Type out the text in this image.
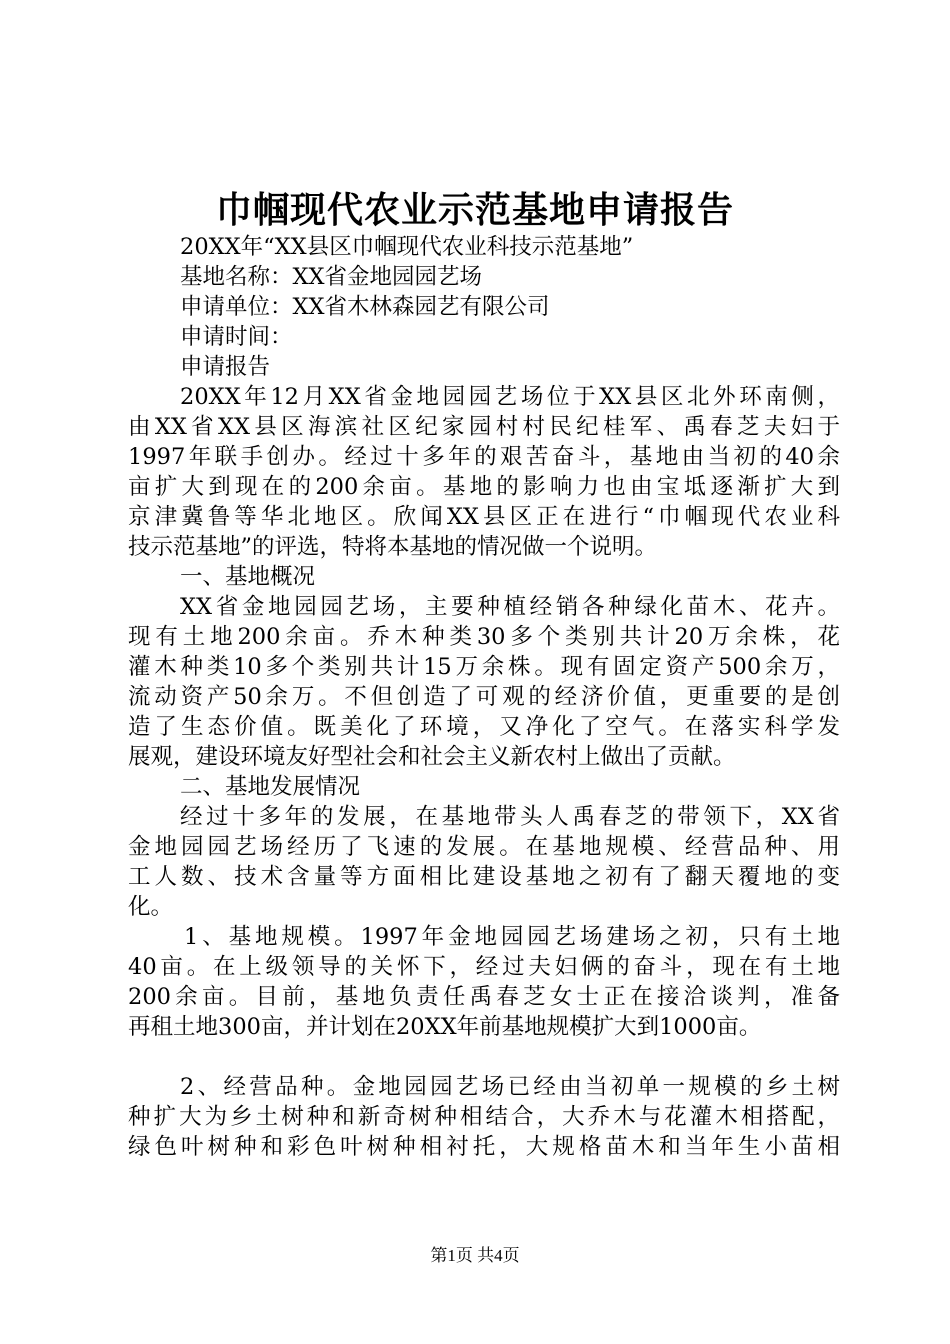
巾帼现代农业示范基地申请报告
20XX年“XX县区巾帼现代农业科技示范基地”
基地名称：XX省金地园园艺场
申请单位：XX省木林森园艺有限公司
申请时间：
申请报告
20XX年12月XX省金地园园艺场位于XX县区北外环南侧，
由XX省XX县区海滨社区纪家园村村民纪桂军、禹春芝夫妇于
1997年联手创办。经过十多年的艰苦奋斗，基地由当初的40余
亩扩大到现在的200余亩。基地的影响力也由宝坻逐渐扩大到
京津冀鲁等华北地区。欣闻XX县区正在进行“巾帼现代农业科
技示范基地”的评选，特将本基地的情况做一个说明。
一、基地概况
XX省金地园园艺场，主要种植经销各种绿化苗木、花卉。
现有土地200余亩。乔木种类30多个类别共计20万余株，花
灌木种类10多个类别共计15万余株。现有固定资产500余万，
流动资产50余万。不但创造了可观的经济价值，更重要的是创
造了生态价值。既美化了环境，又净化了空气。在落实科学发
展观，建设环境友好型社会和社会主义新农村上做出了贡献。
二、基地发展情况
经过十多年的发展，在基地带头人禹春芝的带领下，XX省
金地园园艺场经历了飞速的发展。在基地规模、经营品种、用
工人数、技术含量等方面相比建设基地之初有了翻天覆地的变
化。
1、基地规模。1997年金地园园艺场建场之初，只有土地
40亩。在上级领导的关怀下，经过夫妇俩的奋斗，现在有土地
200余亩。目前，基地负责任禹春芝女士正在接洽谈判，准备
再租土地300亩，并计划在20XX年前基地规模扩大到1000亩。
2、经营品种。金地园园艺场已经由当初单一规模的乡土树
种扩大为乡土树种和新奇树种相结合，大乔木与花灌木相搭配，
绿色叶树种和彩色叶树种相衬托，大规格苗木和当年生小苗相
第1页 共4页
